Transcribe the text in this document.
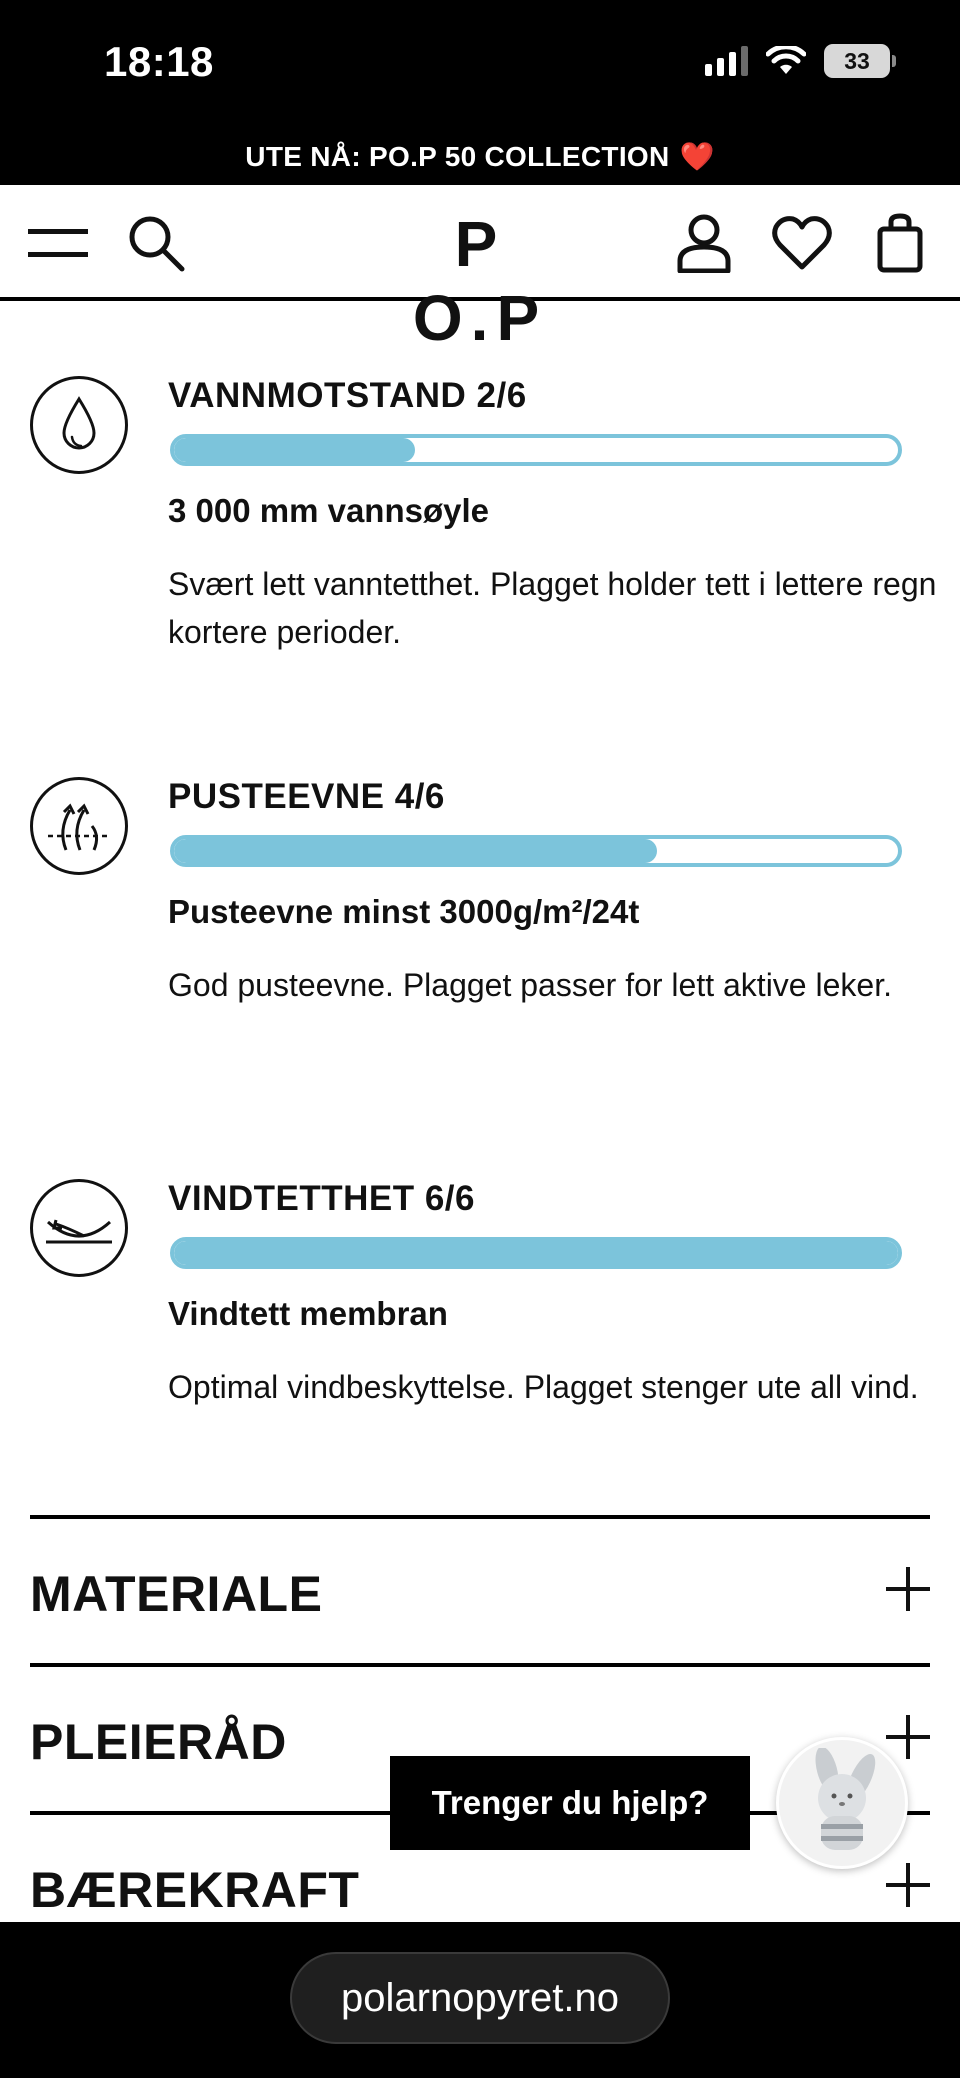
18:18	33
UTE NÅ: PO.P 50 COLLECTION ❤️
P O.P
VANNMOTSTAND 2/6
3 000 mm vannsøyle
Svært lett vanntetthet. Plagget holder tett i lettere regn kortere perioder.
PUSTEEVNE 4/6
Pusteevne minst 3000g/m²/24t
God pusteevne. Plagget passer for lett aktive leker.
VINDTETTHET 6/6
Vindtett membran
Optimal vindbeskyttelse. Plagget stenger ute all vind.
MATERIALE
PLEIERÅD
BÆREKRAFT
Trenger du hjelp?
polarnopyret.no
